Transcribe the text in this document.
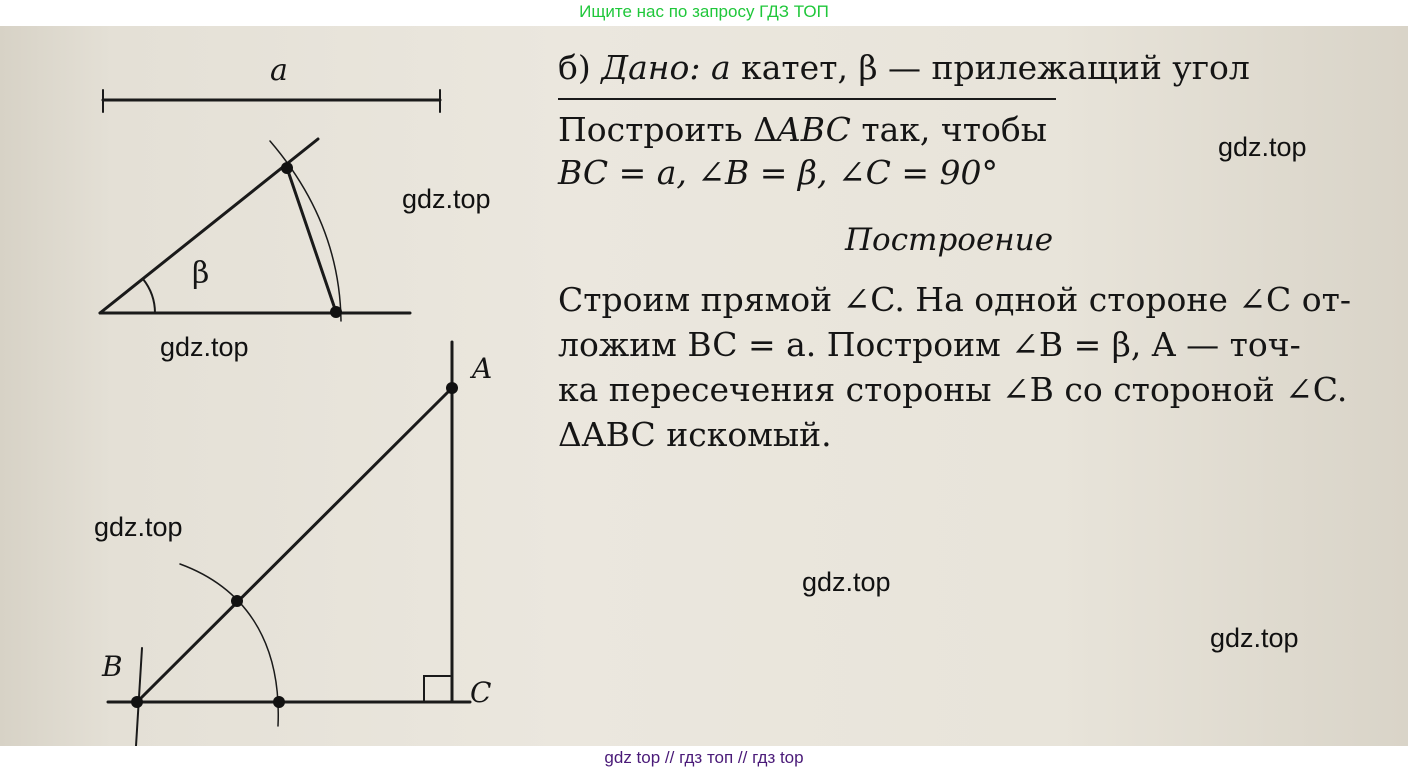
Ищите нас по запросу ГДЗ ТОП
a
β
A
B
C
б) Дано: a катет, β — прилежащий угол
Построить ΔABC так, чтобы
BC = a, ∠B = β, ∠C = 90°
Построение
Строим прямой ∠C. На одной стороне ∠C от-
ложим BC = a. Построим ∠B = β, A — точ-
ка пересечения стороны ∠B со стороной ∠C.
ΔABC искомый.
gdz.top
gdz.top
gdz.top
gdz.top
gdz.top
gdz.top
gdz top // гдз топ // гдз top
